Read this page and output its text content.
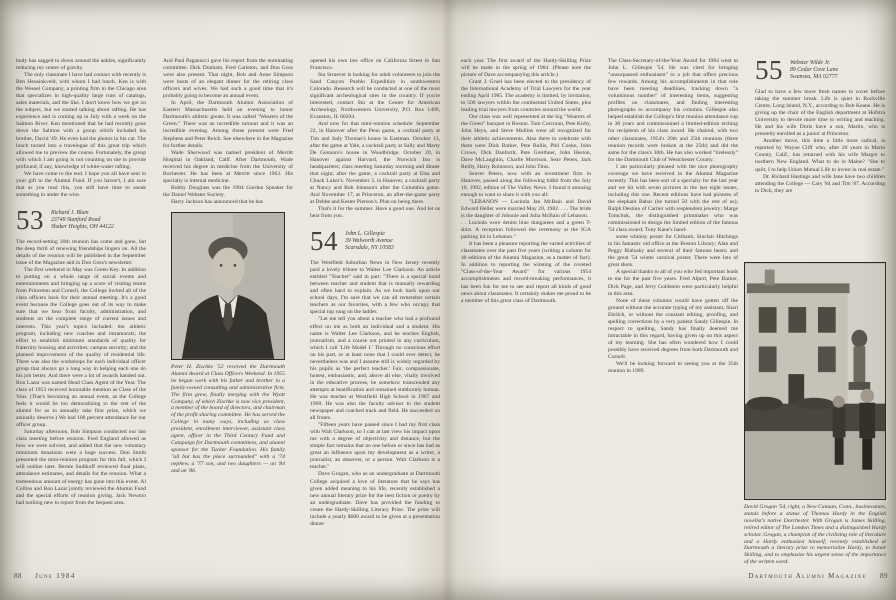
body has sagged to down around the ankles, significantly reducing my center of gravity.

The only classmate I have had contact with recently is Ben Heusinkveld, with whom I had lunch. Ken is with the Wessel Company, a printing firm in the Chicago area that specializes in high-quality large runs of catalogs, sales materials, and the like. I don't know how we got on the subject, but we started talking about rafting. He has experience and is coming up in July with a week on the Salmon River. Ken mentioned that he had recently gone down the Salmon with a group which included his brother, David '49. He even had the photos in his car. The lunch turned into a travelogue of this great trip which allowed me to preview the course. Fortunately, the group with which I am going is not counting on me to provide profound, if any, knowledge of white-water rafting.

We have come to the end. I hope you all have sent in your gift to the Alumni Fund. If you haven't, I am sure that as you read this, you still have time to sneak something in under the wire.

53 Richard J. Blum
23749 Stanford Road
Shaker Heights, OH 44122

The record-setting 30th reunion has come and gone, but the deep thrill of renewing friendships lingers on. All the details of the reunion will be published in the September issue of the Magazine and in Don Goss's newsletter.

The first weekend in May was Green Key. In addition to putting on a whole range of social events and entertainments and bringing up a score of visiting teams from Princeton and Cornell, the College invited all of the class officers back for their annual meeting. It's a good event because the College goes out of its way to make sure that we hear from faculty, administration, and students on the complete range of current issues and interests. This year's topics included: the athletic program, including new coaches and intramurals; the effort to establish minimum standards of quality for fraternity housing and activities; campus security; and the planned improvement of the quality of residential life. There was also the workshops for each individual officer group that always go a long way in helping each one do his job better. And there were a lot of awards handed out. Ron Lazar was named Head Class Agent of the Year. The class of 1953 received honorable mention as Class of the Year. (That's becoming an annual event, as the College feels it would be too demoralizing to the rest of the alumni for us to annually take first prize, which we annually deserve.) We had 100 percent attendance for our officer group.

Saturday afternoon, Bob Simpson conducted our last class meeting before reunion. Fred England allowed as how we were solvent, and added that the new voluntary minimum donations were a huge success. Don Smith presented the mini-reunion program for this fall, which I will outline later. Bernie Sudikoff reviewed final plans, attendance estimates, and details for the reunion. What a tremendous amount of energy has gone into this event. Al Collins and Ron Lazar jointly reviewed the Alumni Fund and the special efforts of reunion giving. Jack Newton had nothing new to report from the bequest area.

And Paul Paganucci gave his report from the nominating committee. Dick Dunham, Fred Carleton, and Don Goss were also present. That night, Bob and Anne Simpson were hosts of an elegant dinner for the retiring class officers and wives. We had such a good time that it's probably going to become an annual event.

In April, the Dartmouth Alumni Association of Eastern Massachusetts held an evening to honor Dartmouth's athletic greats. It was called "Wearers of the Green." There was an incredible turnout and it was an incredible evening. Among those present were Fred Stephens and Peter Reich. See elsewhere in the Magazine for further details.

Wade Sherwood was named president of Merritt Hospital in Oakland, Calif. After Dartmouth, Wade received his degree in medicine from the University of Rochester. He has been at Merritt since 1963. His specialty is internal medicine.

Bobby Douglass was the 1984 Gordon Speaker for the Daniel Webster Society.

Harry Jackson has announced that he has

Peter H. Zischke '52 received the Dartmouth Alumni Award at Class Officers Weekend. In 1955 he began work with his father and brother in a family-owned consulting and administrative firm. The firm grew, finally merging with the Wyatt Company, of which Zischke is now vice president, a member of the board of directors, and chairman of the profit sharing committee. He has served the College in many ways, including as class president, enrollment interviewer, assistant class agent, officer in the Third Century Fund and Campaign for Dartmouth committees, and alumni sponsor for the Tucker Foundation. His family "all but has the place surrounded" with a '74 nephew, a '77 son, and two daughters — an '84 and an '86.

opened his own law office on California Street in San Francisco.

Stu Struever is looking for adult volunteers to join the Sand Canyon Pueblo Expedition in southwestern Colorado. Research will be conducted at one of the most significant archeological sites in the country. If you're interested, contact Stu at the Center for American Archeology, Northwestern University, P.O. Box 1499, Evanston, IL 60204.

And now for that mini-reunion schedule: September 22, in Hanover after the Penn game, a cocktail party at Tim and Judy Thomas's house in Eastman. October 13, after the game at Yale, a cocktail party at Sally and Marty De Gennaro's house in Woodbridge. October 20, in Hanover against Harvard, the Norwich Inn is headquarters; class meeting Saturday morning and dinner that night; after the game, a cocktail party at Elsa and Chuck Luker's. November 3, in Hanover, a cocktail party at Nancy and Bob Johnson's after the Columbia game. And November 17, at Princeton, an after-the-game party at Debbe and Kester Pierson's. Plan on being there.

That's it for the summer. Have a good one. And let us hear from you.

54 John L. Gillespie
39 Walworth Avenue
Scarsdale, NY 10583

The Westfield Suburban News in New Jersey recently paid a lovely tribute to Walter Lee Clarkson. An article entitled "Teacher" said in part: "There is a special bond between teacher and student that is mutually rewarding and often hard to explain. As we look back upon our school days, I'm sure that we can all remember certain teachers as our favorites, with a few who occupy that special top rung on the ladder.

"Let me tell you about a teacher who had a profound effect on me as both an individual and a student. His name is Walter Lee Clarkson, and he teaches English, journalism, and a course not printed in any curriculum, which I call 'Life Model I.' Through no conscious effort on his part, or at least none that I could ever detect, he nevertheless was and I assume still is widely regarded by his pupils as 'the perfect teacher.' Fair, compassionate, honest, enthusiastic, and, above all else, vitally involved in the educative process, he somehow transcended any attempts at beatification and remained stubbornly human. He was teacher at Westfield High School in 1967 and 1968. He was also the faculty adviser to the student newspaper and coached track and field. He succeeded on all fronts.

"Fifteen years have passed since I had my first class with Walt Clarkson, so I can at last view his impact upon me with a degree of objectivity and distance, but the simple fact remains that no one before or since has had as great an influence upon my development as a writer, a journalist, an observer, or a person. Walt Clarkson is a teacher."

Dave Grogan, who as an undergraduate at Dartmouth College acquired a love of literature that he says has given added meaning to his life, recently established a new annual literary prize for the best fiction or poetry by an undergraduate. Dave has provided the funding to create the Hardy-Skilling Literary Prize. The prize will include a yearly $600 award to be given at a presentation dinner

each year. The first award of the Hardy-Skilling Prize will be made in the spring of 1984. (Please note the picture of Dave accompanying this article.)

Grant J. Gruel has been elected to the presidency of the International Academy of Trial Lawyers for the year ending April 1985. The academy is limited, by invitation, to 500 lawyers within the continental United States, plus leading trial lawyers from countries around the world.

Our class was well represented at the big "Wearers of the Green" banquet in Boston. Tom Corcoran, Pete Kirby, John Heyn, and Steve Mullins were all recognized for their athletic achievements. Also there to celebrate with them were Dick Barker, Pete Bullis, Phil Cooke, John Crowe, Dick Danforth, Pete Greithner, John Heston, Dave McLaughlin, Charlie Morrison, Seav Peters, Jack Reilly, Harry Robinson, and John Titus.

Seaver Peters, now with an investment firm in Hanover, passed along the following tidbit from the July 10, 1982, edition of The Valley News. I found it amusing enough to want to share it with you all:

"LEBANON — Lucinda Jan McBain and David Edward Heller were married May 28, 1982. . . . The bride is the daughter of Johnnie and Julia McBain of Lebanon. . . . Lucinda wore denim blue dungarees and a green T-shirt. A reception followed the ceremony at the IGA parking lot in Lebanon."

It has been a pleasure reporting the varied activities of classmates over the past five years (writing a column for 40 editions of the Alumni Magazine, as a matter of fact). In addition to reporting the winning of the coveted "Class-of-the-Year Award" for various 1954 accomplishments and record-breaking performances, it has been fun for me to see and report all kinds of good news about classmates. It certainly makes me proud to be a member of this great class of Dartmouth.

The Class-Secretary-of-the-Year Award for 1984 went to John L. Gillespie '54. He was cited for bringing "unsurpassed enthusiasm" to a job that offers precious few rewards. Among his accomplishments in that role have been meeting deadlines, tracking down "a voluminous number" of interesting items, suggesting profiles on classmates, and finding interesting photographs to accompany his columns. Gillespie also helped establish the College's first reunion attendance cup in 38 years and commissioned a limited-edition etching for recipients of his class award. He chaired, with two other classmates, 1954's 20th and 25th reunions (three reunion records were broken at the 25th) and did the same for the class's 30th. He has also worked "tirelessly" for the Dartmouth Club of Westchester County.

I am particularly pleased with the nice photography coverage we have received in the Alumni Magazine recently. This has been sort of a specialty for the last year and we hit with seven pictures in the last eight issues, including this one. Recent editions have had pictures of the elephant Babar (he turned 50 with the rest of us); Ralph Destino of Cartier with resplendent jewelry; Marge Tomchuk, the distinguished printmaker who was commissioned to design the limited edition of the famous '54 class award; Tony Kane's hand-

some whimsy poster for Citibank; Sinclair Hitchings in his fantastic old office at the Boston Library; Alan and Peggy Bialosky and several of their famous bears; and the great '54 winter carnival poster. There were lots of great shots.

A special thanks to all of you who fed important leads to me for the past five years. Fred Alpert, Pete Barker, Dick Page, and Jerry Goldstein were particularly helpful in this area.

None of these columns would have gotten off the ground without the accurate typing of my assistant, Shari Ehrlich, or without the constant editing, proofing, and spelling corrections by a very patient Sandy Gillespie. In respect to spelling, Sandy has finally deemed me intractable in this regard, having given up on this aspect of my learning. She has often wondered how I could possibly have received degrees from both Dartmouth and Cornell.

We'll be looking forward to seeing you at the 35th reunion in 1989.

55 Webster Wilde Jr.
89 Cedar Cove Lane
Swansea, MA 02777

Glad to have a few more fresh names to cover before taking the summer break. Life is quiet in Rockville Centre, Long Island, N.Y., according to Bob Keane. He is giving up the chair of the English department at Hofstra University to devote more time to writing and teaching. He and his wife Doris have a son, Martin, who is presently enrolled as a junior at Princeton.

Another move, this time a little more radical, is reported by Wayne Cliff who, after 20 years in Marin County, Calif., has returned with his wife Margot to northern New England. What to do in Maine? "She to quilt, I to help Union Mutual Life to invest in real estate."

Dr. Richard Hastings and wife Jane have two children attending the College — Cary '84 and Tim '87. According to Dick, they are

David Grogan '54, right, a New Canaan, Conn., businessman, stands before a statue of Thomas Hardy in the English novelist's native Dorchester. With Grogan is James Skilling, retired editor of The London Times and a distinguished Hardy scholar. Grogan, a champion of the civilizing role of literature and a Hardy enthusiast himself, recently established at Dartmouth a literary prize to memorialize Hardy, to honor Skilling, and to emphasize his urgent sense of the importance of the written word.
88 June 1984	Dartmouth Alumni Magazine 89
